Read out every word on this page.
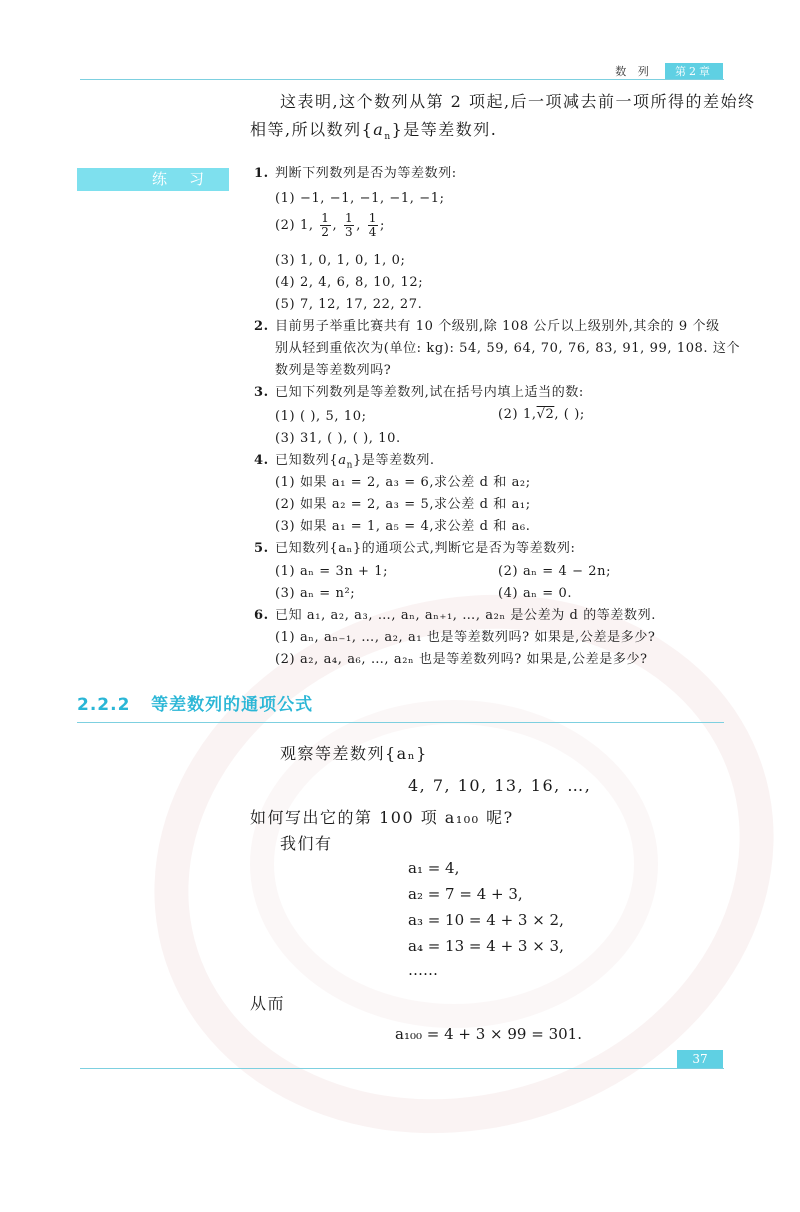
数 列	第2章
这表明,这个数列从第 2 项起,后一项减去前一项所得的差始终
相等,所以数列$\{a_n\}$是等差数列.
练习 1. 判断下列数列是否为等差数列:
(1) −1, −1, −1, −1, −1;
(2) 1, $\frac{1}{2}$ , $\frac{1}{3}$ , $\frac{1}{4}$ ;
(3) 1, 0, 1, 0, 1, 0;
(4) 2, 4, 6, 8, 10, 12;
(5) 7, 12, 17, 22, 27.
2. 目前男子举重比赛共有 10 个级别,除 108 公斤以上级别外,其余的 9 个级
别从轻到重依次为(单位: kg): 54, 59, 64, 70, 76, 83, 91, 99, 108. 这个
数列是等差数列吗?
3. 已知下列数列是等差数列,试在括号内填上适当的数:
(1) ( ), 5, 10;	(2) 1,√2, ( );
(3) 31, ( ), ( ), 10.
4. 已知数列$\{a_n\}$是等差数列.
(1) 如果 a₁ = 2, a₃ = 6,求公差 d 和 a₂;
(2) 如果 a₂ = 2, a₃ = 5,求公差 d 和 a₁;
(3) 如果 a₁ = 1, a₅ = 4,求公差 d 和 a₆.
5. 已知数列{aₙ}的通项公式,判断它是否为等差数列:
(1) aₙ = 3n + 1;	(2) aₙ = 4 − 2n;
(3) aₙ = n²;	(4) aₙ = 0.
6. 已知 a₁, a₂, a₃, …, aₙ, aₙ₊₁, …, a₂ₙ 是公差为 d 的等差数列.
(1) aₙ, aₙ₋₁, …, a₂, a₁ 也是等差数列吗? 如果是,公差是多少?
(2) a₂, a₄, a₆, …, a₂ₙ 也是等差数列吗? 如果是,公差是多少?
2.2.2 等差数列的通项公式
观察等差数列{aₙ}
4, 7, 10, 13, 16, …,
如何写出它的第 100 项 a₁₀₀ 呢?
我们有
a₁ = 4,
a₂ = 7 = 4 + 3,
a₃ = 10 = 4 + 3 × 2,
a₄ = 13 = 4 + 3 × 3,
……
从而
a₁₀₀ = 4 + 3 × 99 = 301.
37
